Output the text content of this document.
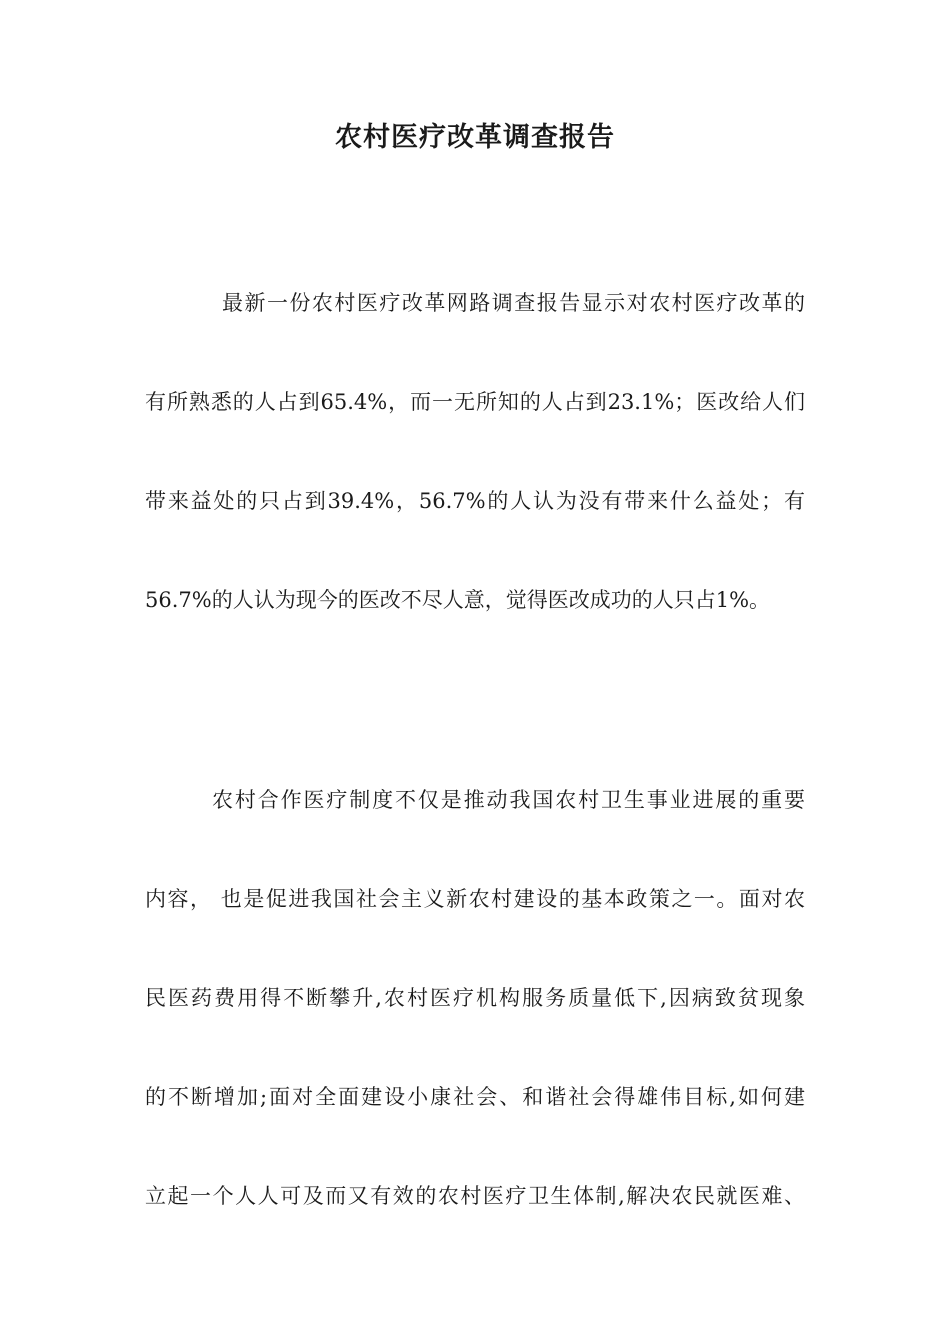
农村医疗改革调查报告
最新一份农村医疗改革网路调查报告显示对农村医疗改革的
有所熟悉的人占到65.4%，而一无所知的人占到23.1%；医改给人们
带来益处的只占到39.4%，56.7%的人认为没有带来什么益处；有
56.7%的人认为现今的医改不尽人意，觉得医改成功的人只占1%。
农村合作医疗制度不仅是推动我国农村卫生事业进展的重要
内容， 也是促进我国社会主义新农村建设的基本政策之一。面对农
民医药费用得不断攀升,农村医疗机构服务质量低下,因病致贫现象
的不断增加;面对全面建设小康社会、和谐社会得雄伟目标,如何建
立起一个人人可及而又有效的农村医疗卫生体制,解决农民就医难、
